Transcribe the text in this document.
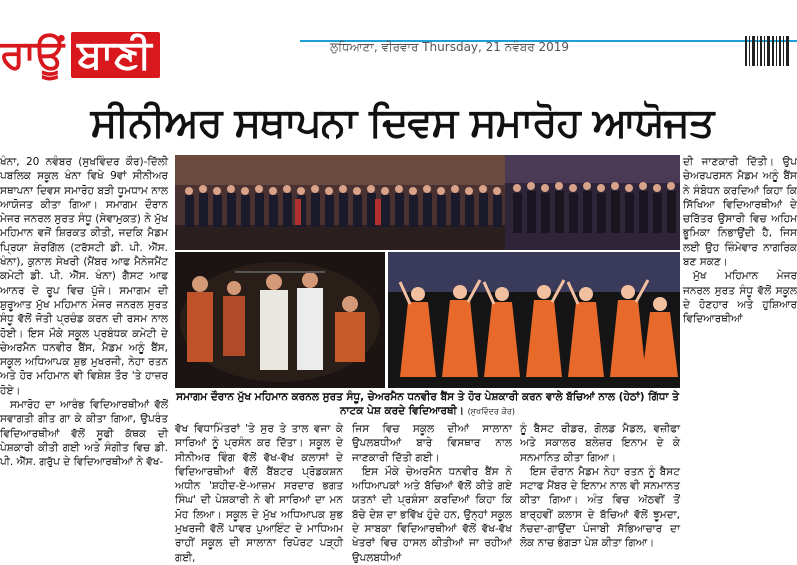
ਰਾਊਂ ਬਾਣੀ	ਲੁਧਿਆਣਾ, ਵੀਰਵਾਰ Thursday, 21 ਨਵੰਬਰ 2019
ਸੀਨੀਅਰ ਸਥਾਪਨਾ ਦਿਵਸ ਸਮਾਰੋਹ ਆਯੋਜਤ

ਖੰਨਾ, 20 ਨਵੰਬਰ (ਸੁਖਵਿੰਦਰ ਕੌਰ)-ਦਿੱਲੀ ਪਬਲਿਕ ਸਕੂਲ ਖੰਨਾ ਵਿਖੇ 9ਵਾਂ ਸੀਨੀਅਰ ਸਥਾਪਨਾ ਦਿਵਸ ਸਮਾਰੋਹ ਬੜੀ ਧੂਮਧਾਮ ਨਾਲ ਆਯੋਜਤ ਕੀਤਾ ਗਿਆ। ਸਮਾਗਮ ਦੌਰਾਨ ਮੇਜਰ ਜਨਰਲ ਸੁਰਤ ਸੰਧੂ (ਸੇਵਾਮੁਕਤ) ਨੇ ਮੁੱਖ ਮਹਿਮਾਨ ਵਜੋਂ ਸ਼ਿਰਕਤ ਕੀਤੀ, ਜਦਕਿ ਮੈਡਮ ਪ੍ਰਿਯਾ ਸ਼ੇਰਗਿੱਲ (ਟਰੱਸਟੀ ਡੀ. ਪੀ. ਐੱਸ. ਖੰਨਾ), ਕੁਨਾਲ ਸੇਖਰੀ (ਮੈਂਬਰ ਆਫ ਮੈਨੇਜਮੈਂਟ ਕਮੇਟੀ ਡੀ. ਪੀ. ਐੱਸ. ਖੰਨਾ) ਗੈਸਟ ਆਫ ਆਨਰ ਦੇ ਰੂਪ ਵਿਚ ਪੁੱਜੇ। ਸਮਾਗਮ ਦੀ ਸ਼ੁਰੂਆਤ ਮੁੱਖ ਮਹਿਮਾਨ ਮੇਜਰ ਜਨਰਲ ਸੁਰਤ ਸੰਧੂ ਵੱਲੋਂ ਜੋਤੀ ਪ੍ਰਚੰਡ ਕਰਨ ਦੀ ਰਸਮ ਨਾਲ ਹੋਈ। ਇਸ ਮੌਕੇ ਸਕੂਲ ਪ੍ਰਬੰਧਕ ਕਮੇਟੀ ਦੇ ਚੇਅਰਮੈਨ ਧਨਵੀਰ ਬੈਂਸ, ਮੈਡਮ ਅਨੂੰ ਬੈਂਸ, ਸਕੂਲ ਅਧਿਆਪਕ ਸ਼ੁਭ ਮੁਖਰਜੀ, ਨੇਹਾ ਰਤਨ ਅਤੇ ਹੋਰ ਮਹਿਮਾਨ ਵੀ ਵਿਸ਼ੇਸ਼ ਤੌਰ 'ਤੇ ਹਾਜ਼ਰ ਹੋਏ।

ਸਮਾਰੋਹ ਦਾ ਆਰੰਭ ਵਿਦਿਆਰਥੀਆਂ ਵੱਲੋਂ ਸਵਾਗਤੀ ਗੀਤ ਗਾ ਕੇ ਕੀਤਾ ਗਿਆ, ਉਪਰੰਤ ਵਿਦਿਆਰਥੀਆਂ ਵੱਲੋਂ ਸੂਫੀ ਕੱਥਕ ਦੀ ਪੇਸ਼ਕਾਰੀ ਕੀਤੀ ਗਈ ਅਤੇ ਸੰਗੀਤ ਵਿਚ ਡੀ. ਪੀ. ਐੱਸ. ਗਰੁੱਪ ਦੇ ਵਿਦਿਆਰਥੀਆਂ ਨੇ ਵੱਖ-

ਸਮਾਗਮ ਦੌਰਾਨ ਮੁੱਖ ਮਹਿਮਾਨ ਕਰਨਲ ਸੁਰਤ ਸੰਧੂ, ਚੇਅਰਮੈਨ ਧਨਵੀਰ ਬੈਂਸ ਤੇ ਹੋਰ ਪੇਸ਼ਕਾਰੀ ਕਰਨ ਵਾਲੇ ਬੱਚਿਆਂ ਨਾਲ (ਹੇਠਾਂ) ਗਿੱਧਾ ਤੇ ਨਾਟਕ ਪੇਸ਼ ਕਰਦੇ ਵਿਦਿਆਰਥੀ। (ਸੁਖਵਿੰਦਰ ਕੌਰ)

ਵੱਖ ਵਿਧਾਮਿੰਤਰਾਂ 'ਤੇ ਸੁਰ ਤੇ ਤਾਲ ਵਜਾ ਕੇ ਸਾਰਿਆਂ ਨੂੰ ਪ੍ਰਸੰਨ ਕਰ ਦਿੱਤਾ। ਸਕੂਲ ਦੇ ਸੀਨੀਅਰ ਵਿੰਗ ਵੱਲੋਂ ਵੱਖ-ਵੱਖ ਕਲਾਸਾਂ ਦੇ ਵਿਦਿਆਰਥੀਆਂ ਵੱਲੋਂ ਬੈਂਬਟਰ ਪ੍ਰੋਡਕਸ਼ਨ ਅਧੀਨ 'ਸ਼ਹੀਦ-ਏ-ਆਜ਼ਮ ਸਰਦਾਰ ਭਗਤ ਸਿੰਘ' ਦੀ ਪੇਸ਼ਕਾਰੀ ਨੇ ਵੀ ਸਾਰਿਆਂ ਦਾ ਮਨ ਮੋਹ ਲਿਆ। ਸਕੂਲ ਦੇ ਮੁੱਖ ਅਧਿਆਪਕ ਸ਼ੁਭ ਮੁਖਰਜੀ ਵੱਲੋਂ ਪਾਵਰ ਪੁਆਇੰਟ ਦੇ ਮਾਧਿਅਮ ਰਾਹੀਂ ਸਕੂਲ ਦੀ ਸਾਲਾਨਾ ਰਿਪੋਰਟ ਪੜ੍ਹੀ ਗਈ,

ਜਿਸ ਵਿਚ ਸਕੂਲ ਦੀਆਂ ਸਾਲਾਨਾ ਉਪਲਬਧੀਆਂ ਬਾਰੇ ਵਿਸਥਾਰ ਨਾਲ ਜਾਣਕਾਰੀ ਦਿੱਤੀ ਗਈ।

ਇਸ ਮੌਕੇ ਚੇਅਰਮੈਨ ਧਨਵੀਰ ਬੈਂਸ ਨੇ ਅਧਿਆਪਕਾਂ ਅਤੇ ਬੱਚਿਆਂ ਵੱਲੋਂ ਕੀਤੇ ਗਏ ਯਤਨਾਂ ਦੀ ਪ੍ਰਸ਼ੰਸਾ ਕਰਦਿਆਂ ਕਿਹਾ ਕਿ ਬੱਚੇ ਦੇਸ਼ ਦਾ ਭਵਿੱਖ ਹੁੰਦੇ ਹਨ, ਉਨ੍ਹਾਂ ਸਕੂਲ ਦੇ ਸਾਬਕਾ ਵਿਦਿਆਰਥੀਆਂ ਵੱਲੋਂ ਵੱਖ-ਵੱਖ ਖੇਤਰਾਂ ਵਿਚ ਹਾਸਲ ਕੀਤੀਆਂ ਜਾ ਰਹੀਆਂ ਉਪਲਬਧੀਆਂ

ਦੀ ਜਾਣਕਾਰੀ ਦਿੱਤੀ। ਉਪ ਚੇਅਰਪਰਸਨ ਮੈਡਮ ਅਨੂੰ ਬੈਂਸ ਨੇ ਸੰਬੋਧਨ ਕਰਦਿਆਂ ਕਿਹਾ ਕਿ ਸਿੱਖਿਆ ਵਿਦਿਆਰਥੀਆਂ ਦੇ ਚਰਿੱਤਰ ਉਸਾਰੀ ਵਿਚ ਅਹਿਮ ਭੂਮਿਕਾ ਨਿਭਾਉਂਦੀ ਹੈ, ਜਿਸ ਲਈ ਉਹ ਜ਼ਿੰਮੇਵਾਰ ਨਾਗਰਿਕ ਬਣ ਸਕਣ।

ਮੁੱਖ ਮਹਿਮਾਨ ਮੇਜਰ ਜਨਰਲ ਸੁਰਤ ਸੰਧੂ ਵੱਲੋਂ ਸਕੂਲ ਦੇ ਹੋਣਹਾਰ ਅਤੇ ਹੁਸ਼ਿਆਰ ਵਿਦਿਆਰਥੀਆਂ

ਨੂੰ ਬੈਸਟ ਰੀਡਰ, ਗੋਲਡ ਮੈਡਲ, ਵਜ਼ੀਫਾ ਅਤੇ ਸਕਾਲਰ ਬਲੇਜ਼ਰ ਇਨਾਮ ਦੇ ਕੇ ਸਨਮਾਨਿਤ ਕੀਤਾ ਗਿਆ।

ਇਸ ਦੌਰਾਨ ਮੈਡਮ ਨੇਹਾ ਰਤਨ ਨੂੰ ਬੈਸਟ ਸਟਾਫ ਮੈਂਬਰ ਦੇ ਇਨਾਮ ਨਾਲ ਵੀ ਸਨਮਾਨਤ ਕੀਤਾ ਗਿਆ। ਅੰਤ ਵਿਚ ਅੱਠਵੀਂ ਤੋਂ ਬਾਰ੍ਹਵੀਂ ਕਲਾਸ ਦੇ ਬੱਚਿਆਂ ਵੱਲੋਂ ਝੂਮਦਾ, ਨੱਚਦਾ-ਗਾਉਂਦਾ ਪੰਜਾਬੀ ਸੱਭਿਆਚਾਰ ਦਾ ਲੋਕ ਨਾਚ ਭੰਗੜਾ ਪੇਸ਼ ਕੀਤਾ ਗਿਆ।
